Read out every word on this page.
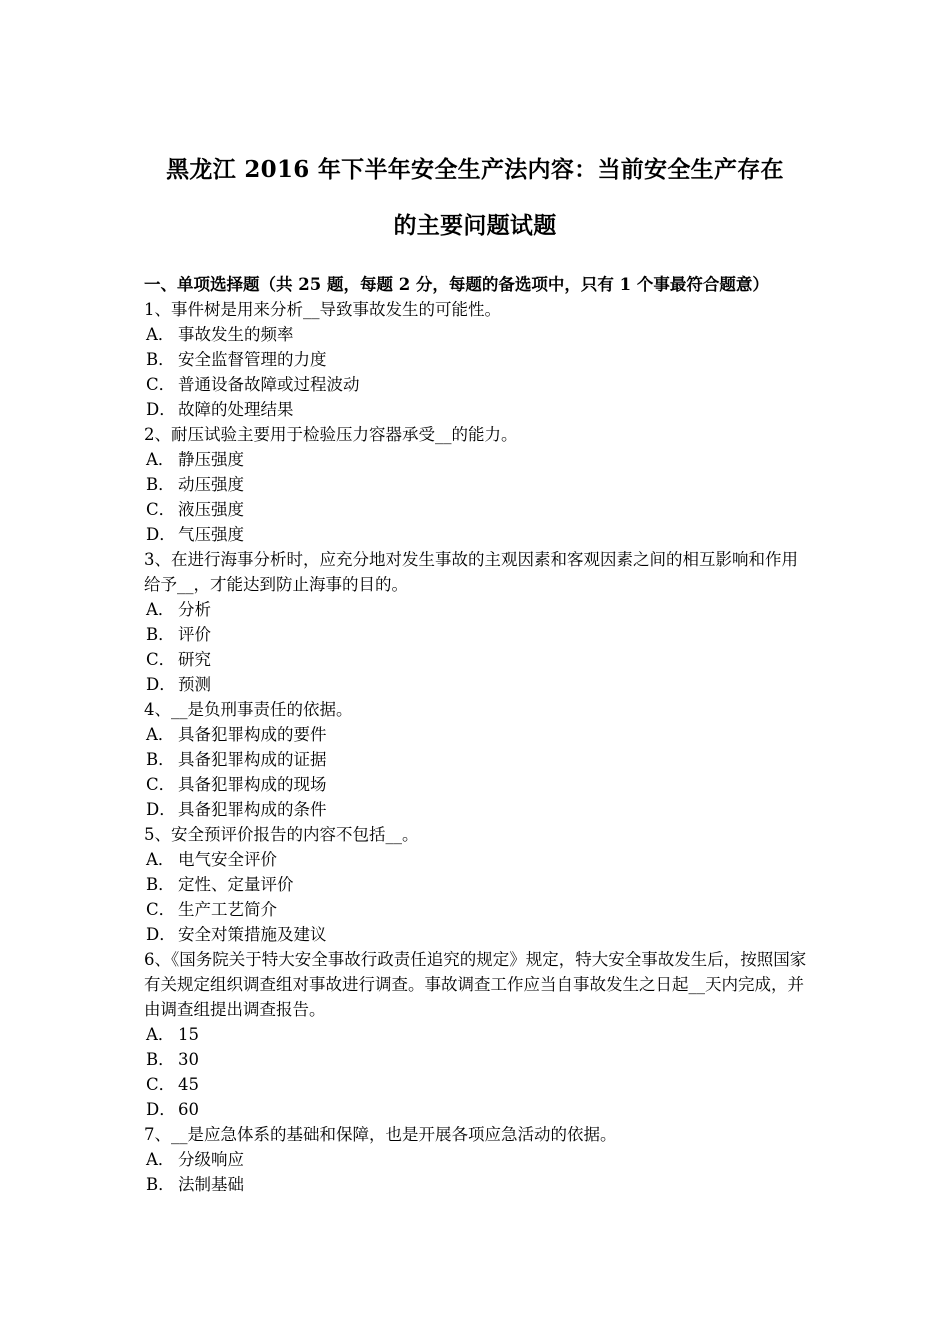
黑龙江 2016 年下半年安全生产法内容：当前安全生产存在
的主要问题试题

一、单项选择题（共 25 题，每题 2 分，每题的备选项中，只有 1 个事最符合题意）

1、事件树是用来分析__导致事故发生的可能性。

A． 事故发生的频率

B． 安全监督管理的力度

C． 普通设备故障或过程波动

D． 故障的处理结果

2、耐压试验主要用于检验压力容器承受__的能力。

A． 静压强度

B． 动压强度

C． 液压强度

D． 气压强度

3、在进行海事分析时，应充分地对发生事故的主观因素和客观因素之间的相互影响和作用给予__，才能达到防止海事的目的。

A． 分析

B． 评价

C． 研究

D． 预测

4、__是负刑事责任的依据。

A． 具备犯罪构成的要件

B． 具备犯罪构成的证据

C． 具备犯罪构成的现场

D． 具备犯罪构成的条件

5、安全预评价报告的内容不包括__。

A． 电气安全评价

B． 定性、定量评价

C． 生产工艺简介

D． 安全对策措施及建议

6、《国务院关于特大安全事故行政责任追究的规定》规定，特大安全事故发生后，按照国家有关规定组织调查组对事故进行调查。事故调查工作应当自事故发生之日起__天内完成，并由调查组提出调查报告。

A． 15

B． 30

C． 45

D． 60

7、__是应急体系的基础和保障，也是开展各项应急活动的依据。

A． 分级响应

B． 法制基础
